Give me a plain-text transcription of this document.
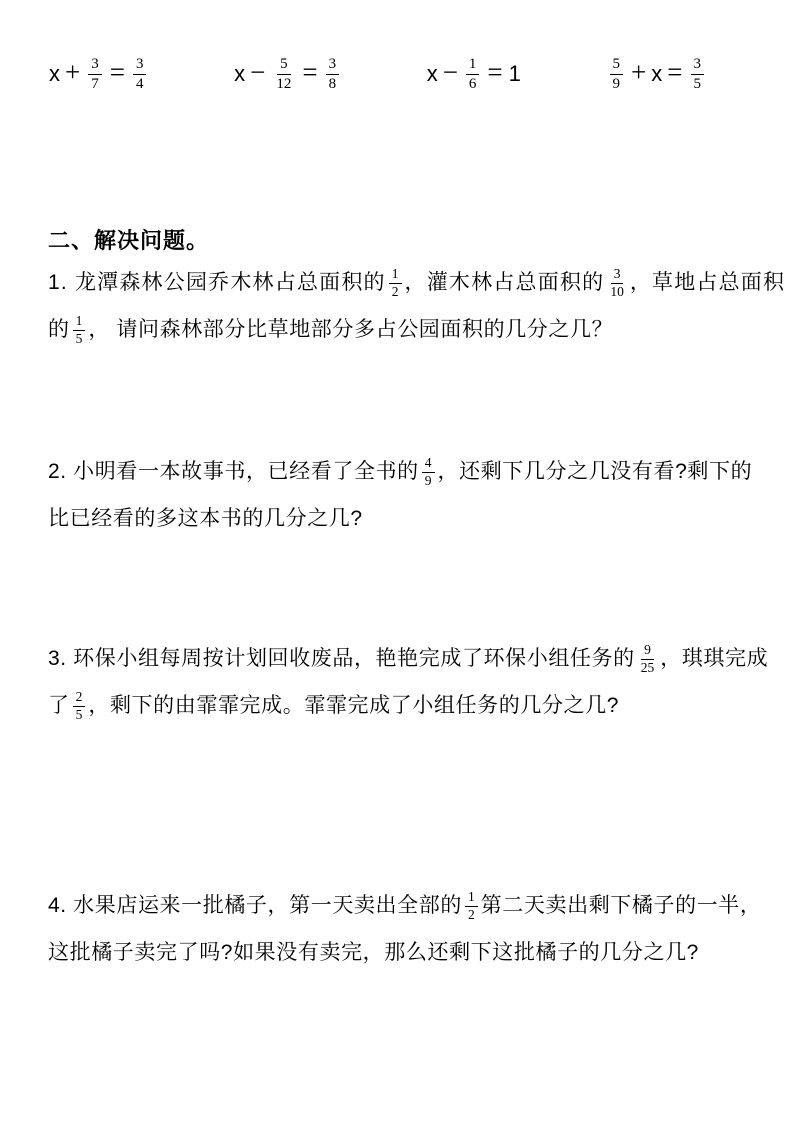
$x + \frac{3}{7} = \frac{3}{4}$	$x - \frac{5}{12} = \frac{3}{8}$	$x - \frac{1}{6} = 1$	$\frac{5}{9} + x = \frac{3}{5}$
二、解决问题。
1. 龙潭森林公园乔木林占总面积的 $\frac{1}{2}$ ，灌木林占总面积的 $\frac{3}{10}$ ，草地占总面积
的 $\frac{1}{5}$ ， 请问森林部分比草地部分多占公园面积的几分之几？
2. 小明看一本故事书，已经看了全书的 $\frac{4}{9}$ ，还剩下几分之几没有看?剩下的
比已经看的多这本书的几分之几?
3. 环保小组每周按计划回收废品，艳艳完成了环保小组任务的 $\frac{9}{25}$ ，琪琪完成
了 $\frac{2}{5}$ ，剩下的由霏霏完成。霏霏完成了小组任务的几分之几?
4. 水果店运来一批橘子，第一天卖出全部的 $\frac{1}{2}$ 第二天卖出剩下橘子的一半，
这批橘子卖完了吗?如果没有卖完，那么还剩下这批橘子的几分之几?
